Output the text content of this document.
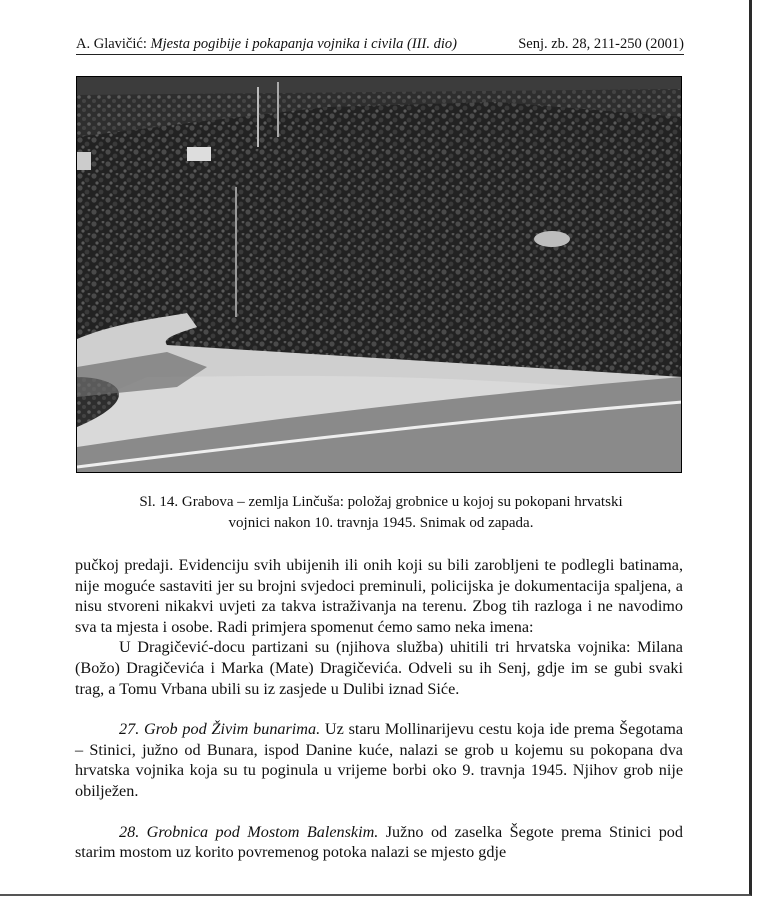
A. Glavičić: Mjesta pogibije i pokapanja vojnika i civila (III. dio)	Senj. zb. 28, 211-250 (2001)
Sl. 14. Grabova – zemlja Linčuša: položaj grobnice u kojoj su pokopani hrvatski
vojnici nakon 10. travnja 1945. Snimak od zapada.

pučkoj predaji. Evidenciju svih ubijenih ili onih koji su bili zarobljeni te podlegli batinama, nije moguće sastaviti jer su brojni svjedoci preminuli, policijska je dokumentacija spaljena, a nisu stvoreni nikakvi uvjeti za takva istraživanja na terenu. Zbog tih razloga i ne navodimo sva ta mjesta i osobe. Radi primjera spomenut ćemo samo neka imena:

U Dragičević-docu partizani su (njihova služba) uhitili tri hrvatska vojnika: Milana (Božo) Dragičevića i Marka (Mate) Dragičevića. Odveli su ih Senj, gdje im se gubi svaki trag, a Tomu Vrbana ubili su iz zasjede u Dulibi iznad Siće.

27. Grob pod Živim bunarima. Uz staru Mollinarijevu cestu koja ide prema Šegotama – Stinici, južno od Bunara, ispod Danine kuće, nalazi se grob u kojemu su pokopana dva hrvatska vojnika koja su tu poginula u vrijeme borbi oko 9. travnja 1945. Njihov grob nije obilježen.

28. Grobnica pod Mostom Balenskim. Južno od zaselka Šegote prema Stinici pod starim mostom uz korito povremenog potoka nalazi se mjesto gdje
